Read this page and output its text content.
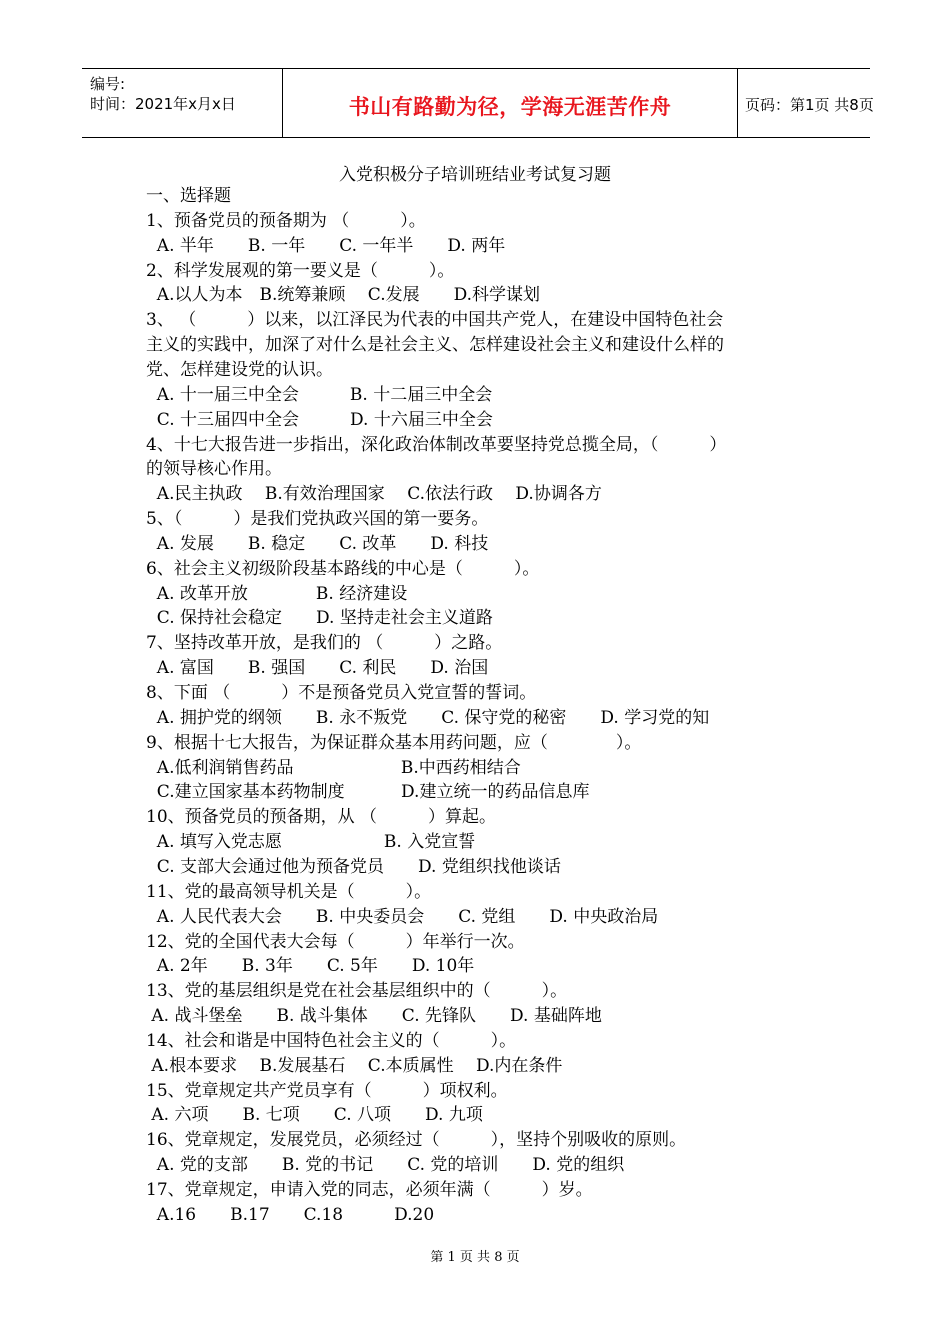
编号:
时间：2021年x月x日	书山有路勤为径，学海无涯苦作舟	页码：第1页 共8页
入党积极分子培训班结业考试复习题
一、选择题
1、预备党员的预备期为 （　　　）。
A. 半年　　B. 一年　　C. 一年半　　D. 两年
2、科学发展观的第一要义是（　　　）。
A.以人为本　B.统筹兼顾　 C.发展　　D.科学谋划
3、 （　　　）以来，以江泽民为代表的中国共产党人，在建设中国特色社会
主义的实践中，加深了对什么是社会主义、怎样建设社会主义和建设什么样的
党、怎样建设党的认识。
A. 十一届三中全会　　　B. 十二届三中全会
C. 十三届四中全会　　　D. 十六届三中全会
4、十七大报告进一步指出，深化政治体制改革要坚持党总揽全局，（　　　）
的领导核心作用。
A.民主执政　 B.有效治理国家　 C.依法行政　 D.协调各方
5、（　　　）是我们党执政兴国的第一要务。
A. 发展　　B. 稳定　　C. 改革　　D. 科技
6、社会主义初级阶段基本路线的中心是（　　　）。
A. 改革开放　　　　B. 经济建设
C. 保持社会稳定　　D. 坚持走社会主义道路
7、坚持改革开放，是我们的 （　　　）之路。
A. 富国　　B. 强国　　C. 利民　　D. 治国
8、下面 （　　　）不是预备党员入党宣誓的誓词。
A. 拥护党的纲领　　B. 永不叛党　　C. 保守党的秘密　　D. 学习党的知
9、根据十七大报告，为保证群众基本用药问题，应（　　　　）。
A.低利润销售药品　　　　　　 B.中西药相结合
C.建立国家基本药物制度　　　 D.建立统一的药品信息库
10、预备党员的预备期，从 （　　　）算起。
A. 填写入党志愿　　　　　　B. 入党宣誓
C. 支部大会通过他为预备党员　　D. 党组织找他谈话
11、党的最高领导机关是（　　　）。
A. 人民代表大会　　B. 中央委员会　　C. 党组　　D. 中央政治局
12、党的全国代表大会每（　　　）年举行一次。
A. 2年　　B. 3年　　C. 5年　　D. 10年
13、党的基层组织是党在社会基层组织中的（　　　）。
A. 战斗堡垒　　B. 战斗集体　　C. 先锋队　　D. 基础阵地
14、社会和谐是中国特色社会主义的（　　　）。
A.根本要求　 B.发展基石　 C.本质属性　 D.内在条件
15、党章规定共产党员享有（　　　）项权利。
A. 六项　　B. 七项　　C. 八项　　D. 九项
16、党章规定，发展党员，必须经过（　　　），坚持个别吸收的原则。
A. 党的支部　　B. 党的书记　　C. 党的培训　　D. 党的组织
17、党章规定，申请入党的同志，必须年满（　　　）岁。
A.16　　B.17　　C.18　　　D.20
第 1 页 共 8 页
